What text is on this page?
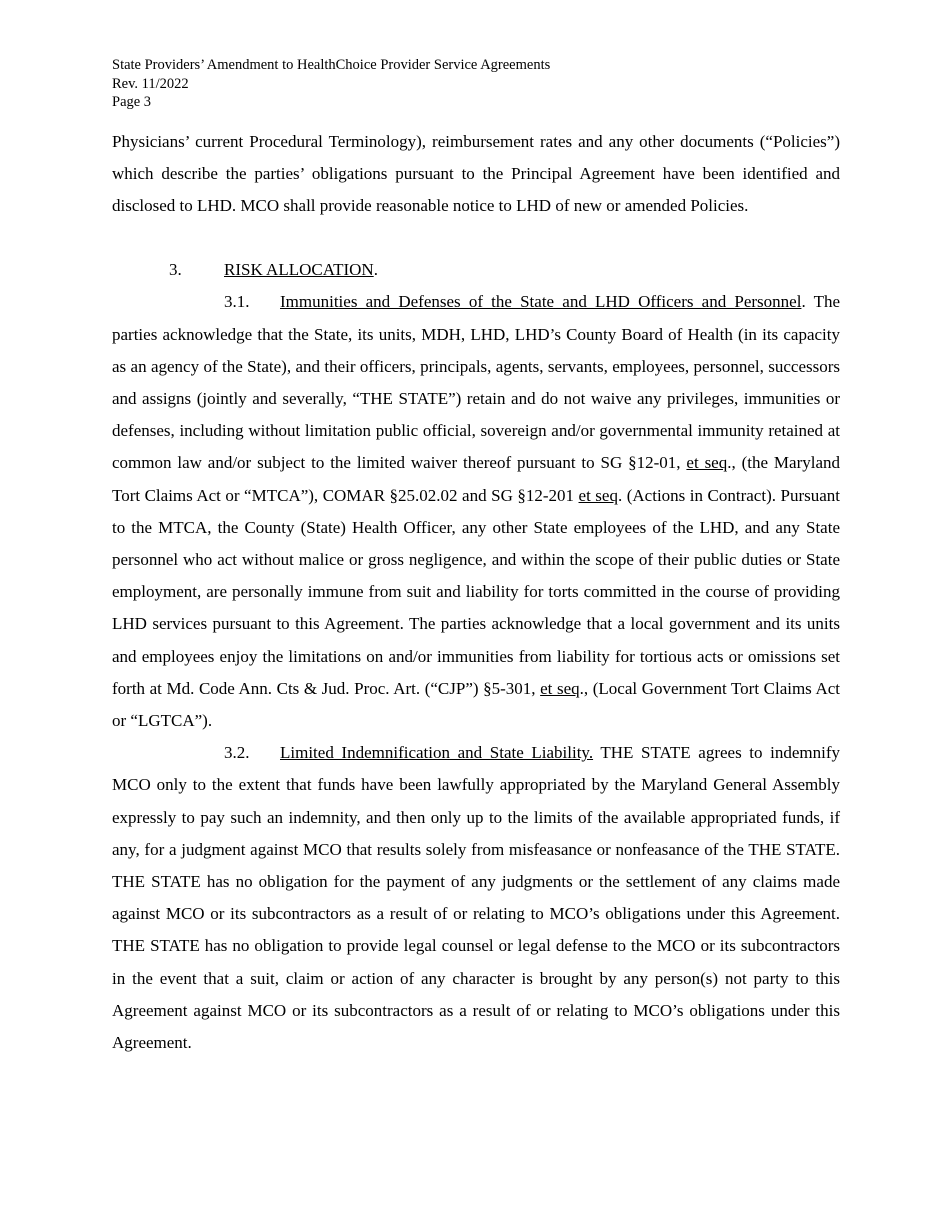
State Providers’ Amendment to HealthChoice Provider Service Agreements
Rev. 11/2022
Page 3

Physicians’ current Procedural Terminology), reimbursement rates and any other documents (“Policies”) which describe the parties’ obligations pursuant to the Principal Agreement have been identified and disclosed to LHD. MCO shall provide reasonable notice to LHD of new or amended Policies.

3. RISK ALLOCATION.

3.1. Immunities and Defenses of the State and LHD Officers and Personnel. The parties acknowledge that the State, its units, MDH, LHD, LHD’s County Board of Health (in its capacity as an agency of the State), and their officers, principals, agents, servants, employees, personnel, successors and assigns (jointly and severally, “THE STATE”) retain and do not waive any privileges, immunities or defenses, including without limitation public official, sovereign and/or governmental immunity retained at common law and/or subject to the limited waiver thereof pursuant to SG §12-01, et seq., (the Maryland Tort Claims Act or “MTCA”), COMAR §25.02.02 and SG §12-201 et seq. (Actions in Contract). Pursuant to the MTCA, the County (State) Health Officer, any other State employees of the LHD, and any State personnel who act without malice or gross negligence, and within the scope of their public duties or State employment, are personally immune from suit and liability for torts committed in the course of providing LHD services pursuant to this Agreement. The parties acknowledge that a local government and its units and employees enjoy the limitations on and/or immunities from liability for tortious acts or omissions set forth at Md. Code Ann. Cts & Jud. Proc. Art. (“CJP”) §5-301, et seq., (Local Government Tort Claims Act or “LGTCA”).

3.2. Limited Indemnification and State Liability. THE STATE agrees to indemnify MCO only to the extent that funds have been lawfully appropriated by the Maryland General Assembly expressly to pay such an indemnity, and then only up to the limits of the available appropriated funds, if any, for a judgment against MCO that results solely from misfeasance or nonfeasance of the THE STATE. THE STATE has no obligation for the payment of any judgments or the settlement of any claims made against MCO or its subcontractors as a result of or relating to MCO’s obligations under this Agreement. THE STATE has no obligation to provide legal counsel or legal defense to the MCO or its subcontractors in the event that a suit, claim or action of any character is brought by any person(s) not party to this Agreement against MCO or its subcontractors as a result of or relating to MCO’s obligations under this Agreement.
